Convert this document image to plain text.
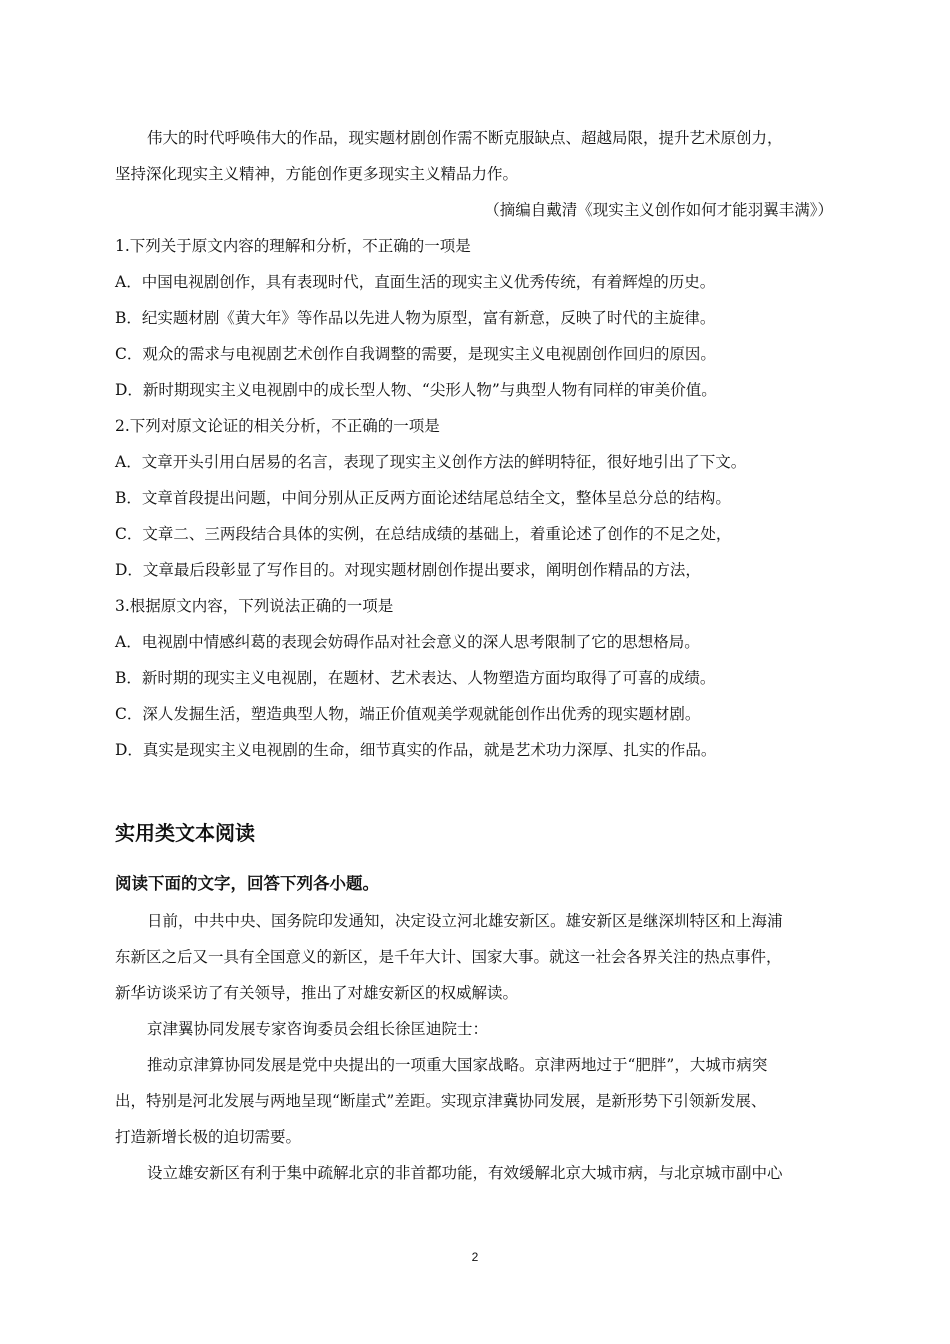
伟大的时代呼唤伟大的作品，现实题材剧创作需不断克服缺点、超越局限，提升艺术原创力，
坚持深化现实主义精神，方能创作更多现实主义精品力作。
（摘编自戴清《现实主义创作如何才能羽翼丰满》）
1.下列关于原文内容的理解和分析，不正确的一项是
A．中国电视剧创作，具有表现时代，直面生活的现实主义优秀传统，有着辉煌的历史。
B．纪实题材剧《黄大年》等作品以先进人物为原型，富有新意，反映了时代的主旋律。
C．观众的需求与电视剧艺术创作自我调整的需要，是现实主义电视剧创作回归的原因。
D．新时期现实主义电视剧中的成长型人物、“尖形人物”与典型人物有同样的审美价值。
2.下列对原文论证的相关分析，不正确的一项是
A．文章开头引用白居易的名言，表现了现实主义创作方法的鲜明特征，很好地引出了下文。
B．文章首段提出问题，中间分别从正反两方面论述结尾总结全文，整体呈总分总的结构。
C．文章二、三两段结合具体的实例，在总结成绩的基础上，着重论述了创作的不足之处，
D．文章最后段彰显了写作目的。对现实题材剧创作提出要求，阐明创作精品的方法，
3.根据原文内容，下列说法正确的一项是
A．电视剧中情感纠葛的表现会妨碍作品对社会意义的深人思考限制了它的思想格局。
B．新时期的现实主义电视剧，在题材、艺术表达、人物塑造方面均取得了可喜的成绩。
C．深人发掘生活，塑造典型人物，端正价值观美学观就能创作出优秀的现实题材剧。
D．真实是现实主义电视剧的生命，细节真实的作品，就是艺术功力深厚、扎实的作品。
实用类文本阅读
阅读下面的文字，回答下列各小题。
日前，中共中央、国务院印发通知，决定设立河北雄安新区。雄安新区是继深圳特区和上海浦
东新区之后又一具有全国意义的新区，是千年大计、国家大事。就这一社会各界关注的热点事件，
新华访谈采访了有关领导，推出了对雄安新区的权威解读。
京津翼协同发展专家咨询委员会组长徐匡迪院士：
推动京津算协同发展是党中央提出的一项重大国家战略。京津两地过于“肥胖”，大城市病突
出，特别是河北发展与两地呈现“断崖式”差距。实现京津冀协同发展，是新形势下引领新发展、
打造新增长极的迫切需要。
设立雄安新区有利于集中疏解北京的非首都功能，有效缓解北京大城市病，与北京城市副中心
2
